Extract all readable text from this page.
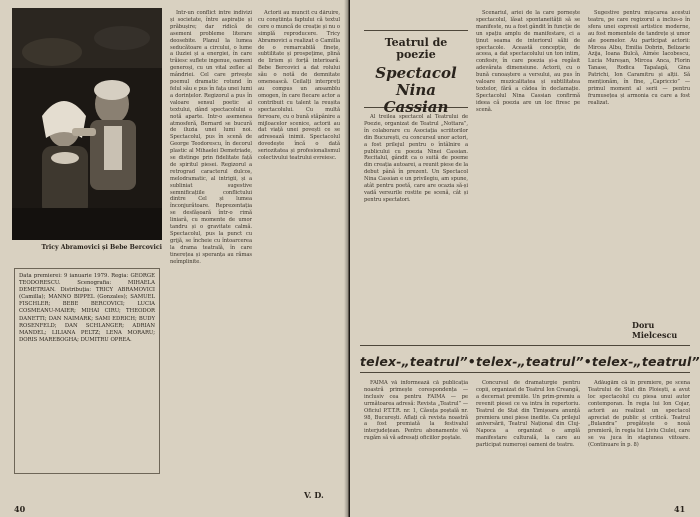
Tricy Abramovici și Bebe Bercovici
Data premierei: 9 ianuarie 1979. Regia: GEORGE TEODORESCU. Scenografia: MIHAELA DEMETRIAN. Distribuția: TRICY ABRAMOVICI (Camilla); MANNO BIPPEL (Gonzales); SAMUEL FISCHLER; BEBE BERCOVICI; LUCIA COSMEANU-MAIER; MIHAI CIRU; THEODOR DANETTI; DAN NAIMARK; SAMI EDRICH; BUDY ROSENFELD; DAN SCHLANGER; ADRIAN MANDEL; LILIANA PELTZ; LENA MORARU; DORIS MAREBOGHA; DUMITRU OPREA.

Intr-un conflict intre indivizi și societate, între aspirație și prăbușire; dar ridică de asemeni probleme literare deosebite. Planul la lumea seducătoare a circului, o lume a iluziei și a energiei, în care trăiesc suflete ingenue, oameni generoși, cu un vital zeflec al mândriei. Cel care privește poemul dramatic rotund în felul său e pus în fața unei lumi a dorințelor. Regizorul a pus în valoare sensul poetic al textului, dând spectacolului o notă aparte. Intr-o asemenea atmosferă, Bernard se bucură de iluzia unei lumi noi. Spectacolul, pus în scenă de George Teodorescu, în decorul plastic al Mihaelei Demetriade, se distinge prin fidelitate față de spiritul piesei. Regizorul a retrograd caracterul dulcos, melodramatic, al intrigii, și a subliniat sugestive semnificațiile conflictului dintre Cel și lumea înconjurătoare. Reprezentația se desfășoară într-o rimă liniară, cu momente de umor tandru și o gravitate calmă. Spectacolul, pus la punct cu grijă, se încheie cu întoarcerea la drama teatrală, în care tinerețea și speranța au rămas neîmplinite.

Actorii au muncit cu dăruire, cu conștiința faptului că textul cere o muncă de creație și nu o simplă reproducere. Tricy Abramovici a realizat o Camilla de o remarcabilă finețe, subtilitate și prospețime, plină de lirism și forță interioară. Bebe Bercovici a dat rolului său o notă de demnitate omenească. Ceilalți interpreți au compus un ansamblu omogen, în care fiecare actor a contribuit cu talent la reușita spectacolului. Cu multă fervoare, cu o bună stăpânire a mijloacelor scenice, actorii au dat viață unei povești ce se adresează inimii. Spectacolul dovedește încă o dată seriozitatea și profesionalismul colectivului teatrului evreiesc.

V. D.
40
Teatrul de poezie
Spectacol Nina Cassian

Al treilea spectacol al Teatrului de Poezie, organizat de Teatrul „Nottara”, în colaborare cu Asociația scriitorilor din București, cu concursul unor actori, a fost prilejul pentru o întâlnire a publicului cu poezia Ninei Cassian. Recitalul, gândit ca o suită de poeme din creația autoarei, a reunit piese de la debut până în prezent. Un Spectacol Nina Cassian e un privilegiu, am spune, atât pentru poetă, care are ocazia să-și vadă versurile rostite pe scenă, cât și pentru spectatori.

Scenariul, ariei de la care pornește spectacolul, lăsat spontaneității să se manifeste, nu a fost gândit în funcție de un spațiu amplu de manifestare, ci a ținut seama de interiorul sălii de spectacole. Această concepție, de aceea, a dat spectacolului un ton intim, confesiv, în care poezia și-a regăsit adevărata dimensiune. Actorii, cu o bună cunoaștere a versului, au pus în valoare muzicalitatea și subtilitatea textelor, fără a cădea în declamație. Spectacolul Nina Cassian confirmă ideea că poezia are un loc firesc pe scenă.

Sugestive pentru mișcarea acestui teatru, pe care regizorul a inclus-o în sfera unei expresii artistice moderne, au fost momentele de tandrețe și umor ale poemelor. Au participat actorii: Mircea Albu, Emilia Dobrin, Belizarie Azija, Ioana Bulcă, Aimée Iacobescu, Lucia Mureșan, Mircea Anca, Florin Tanase, Rodica Tapalagă, Gina Patrichi, Ion Caramitru și alții. Să menționăm, în fine, „Capriccio” — primul moment al serii — pentru frumusețea și armonia cu care a fost realizat.

Doru Mielcescu
telex-„teatrul”•telex-„teatrul”•telex-„teatrul”

FAIMA vă informează că publicația noastră primește corespondența — inclusiv cea pentru FAIMA — pe următoarea adresă: Revista „Teatrul” — Oficiul P.T.T.R. nr. 1, Căsuța poștală nr. 98, București. Aflați că revista noastră a fost premiată la festivalul interjudețean. Pentru abonamente vă rugăm să vă adresați oficiilor poștale.

Concursul de dramaturgie pentru copii, organizat de Teatrul Ion Creangă, a decernat premiile. Un prim-premiu a revenit piesei ce va intra în repertoriu. Teatrul de Stat din Timișoara anunță premiera unei piese inedite. Cu prilejul aniversării, Teatrul Național din Cluj-Napoca a organizat o amplă manifestare culturală, la care au participat numeroși oameni de teatru.

Adăugăm că în premiere, pe scena Teatrului de Stat din Ploiești, a avut loc spectacolul cu piesa unui autor contemporan. În regia lui Ion Cojar, actorii au realizat un spectacol apreciat de public și critică. Teatrul „Bulandra” pregătește o nouă premieră, în regia lui Liviu Ciulei, care se va juca în stagiunea viitoare. (Continuare în p. 8)

41
